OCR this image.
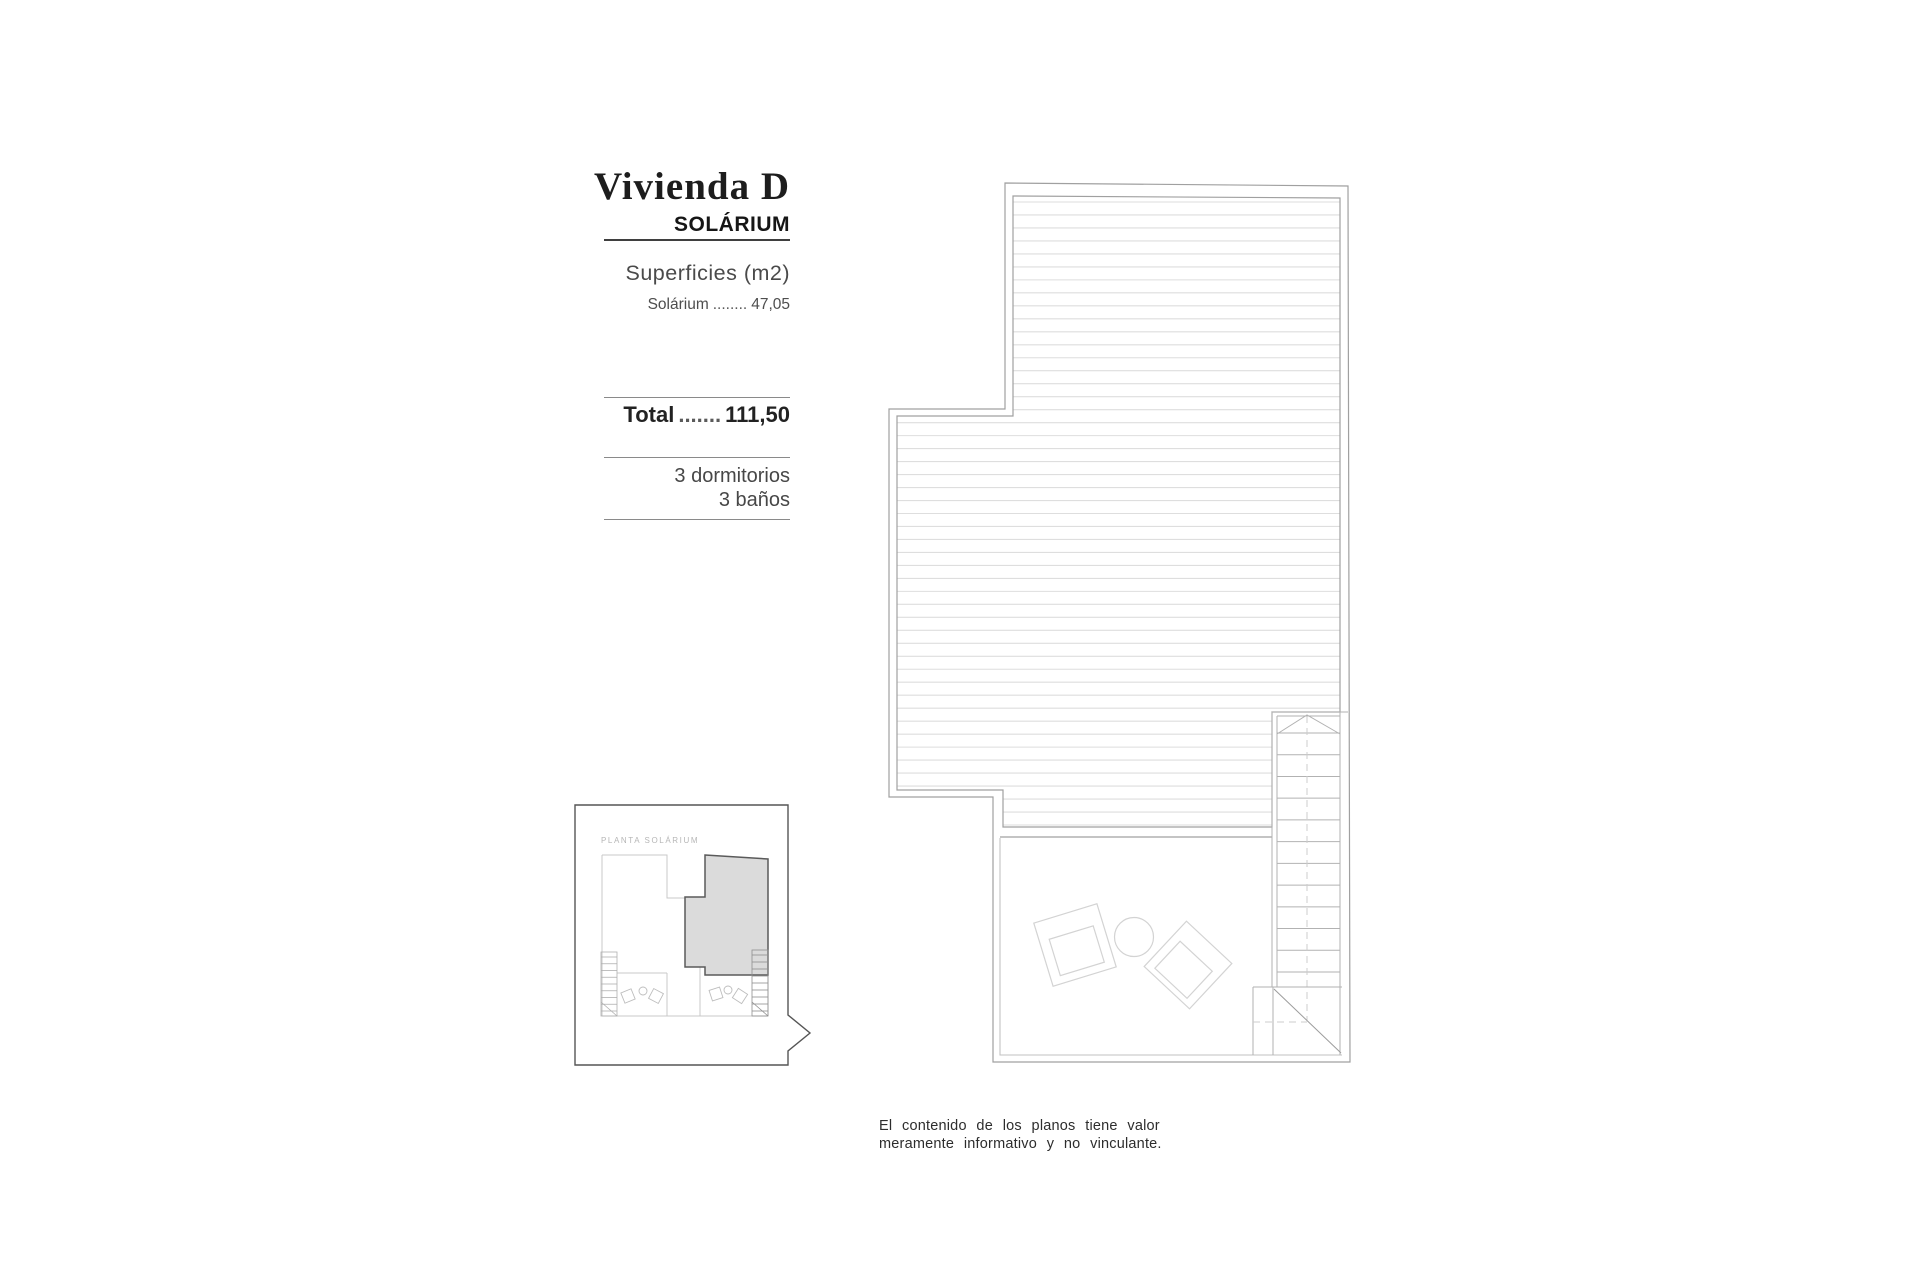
Vivienda D
SOLÁRIUM
Superficies (m2)
Solárium ........ 47,05
Total ....... 111,50
3 dormitorios
3 baños
PLANTA SOLÁRIUM
El contenido de los planos tiene valor
meramente informativo y no vinculante.
